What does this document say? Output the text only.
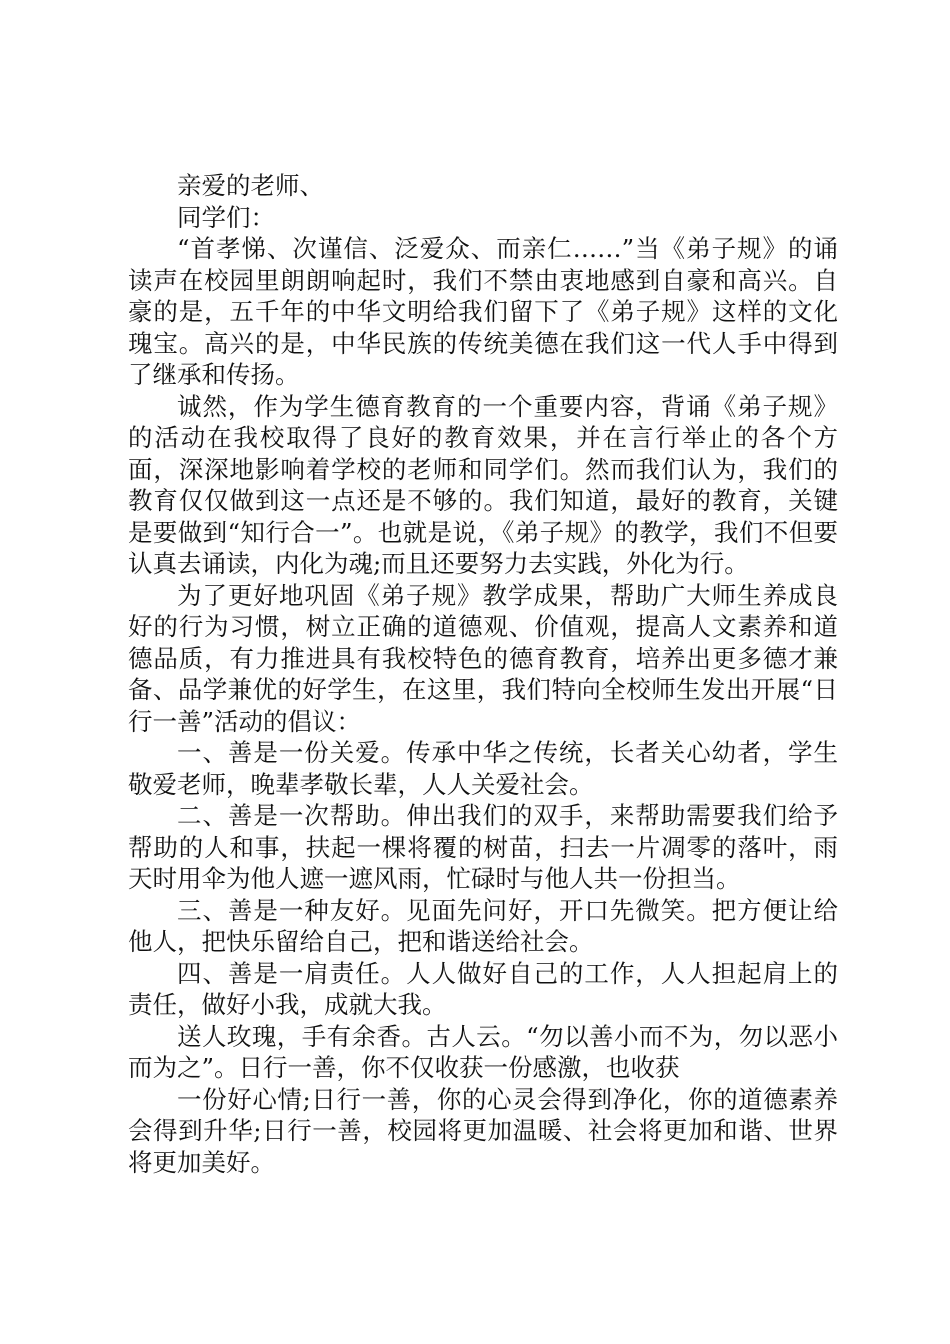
亲爱的老师、

同学们：

“首孝悌、次谨信、泛爱众、而亲仁……”当《弟子规》的诵读声在校园里朗朗响起时，我们不禁由衷地感到自豪和高兴。自豪的是，五千年的中华文明给我们留下了《弟子规》这样的文化瑰宝。高兴的是，中华民族的传统美德在我们这一代人手中得到了继承和传扬。

诚然，作为学生德育教育的一个重要内容，背诵《弟子规》的活动在我校取得了良好的教育效果，并在言行举止的各个方面，深深地影响着学校的老师和同学们。然而我们认为，我们的教育仅仅做到这一点还是不够的。我们知道，最好的教育，关键是要做到“知行合一”。也就是说，《弟子规》的教学，我们不但要认真去诵读，内化为魂;而且还要努力去实践，外化为行。

为了更好地巩固《弟子规》教学成果，帮助广大师生养成良好的行为习惯，树立正确的道德观、价值观，提高人文素养和道德品质，有力推进具有我校特色的德育教育，培养出更多德才兼备、品学兼优的好学生，在这里，我们特向全校师生发出开展“日行一善”活动的倡议：

一、善是一份关爱。传承中华之传统，长者关心幼者，学生敬爱老师，晚辈孝敬长辈，人人关爱社会。

二、善是一次帮助。伸出我们的双手，来帮助需要我们给予帮助的人和事，扶起一棵将覆的树苗，扫去一片凋零的落叶，雨天时用伞为他人遮一遮风雨，忙碌时与他人共一份担当。

三、善是一种友好。见面先问好，开口先微笑。把方便让给他人，把快乐留给自己，把和谐送给社会。

四、善是一肩责任。人人做好自己的工作，人人担起肩上的责任，做好小我，成就大我。

送人玫瑰，手有余香。古人云。“勿以善小而不为，勿以恶小而为之”。日行一善，你不仅收获一份感激，也收获

一份好心情;日行一善，你的心灵会得到净化，你的道德素养会得到升华;日行一善，校园将更加温暖、社会将更加和谐、世界将更加美好。
